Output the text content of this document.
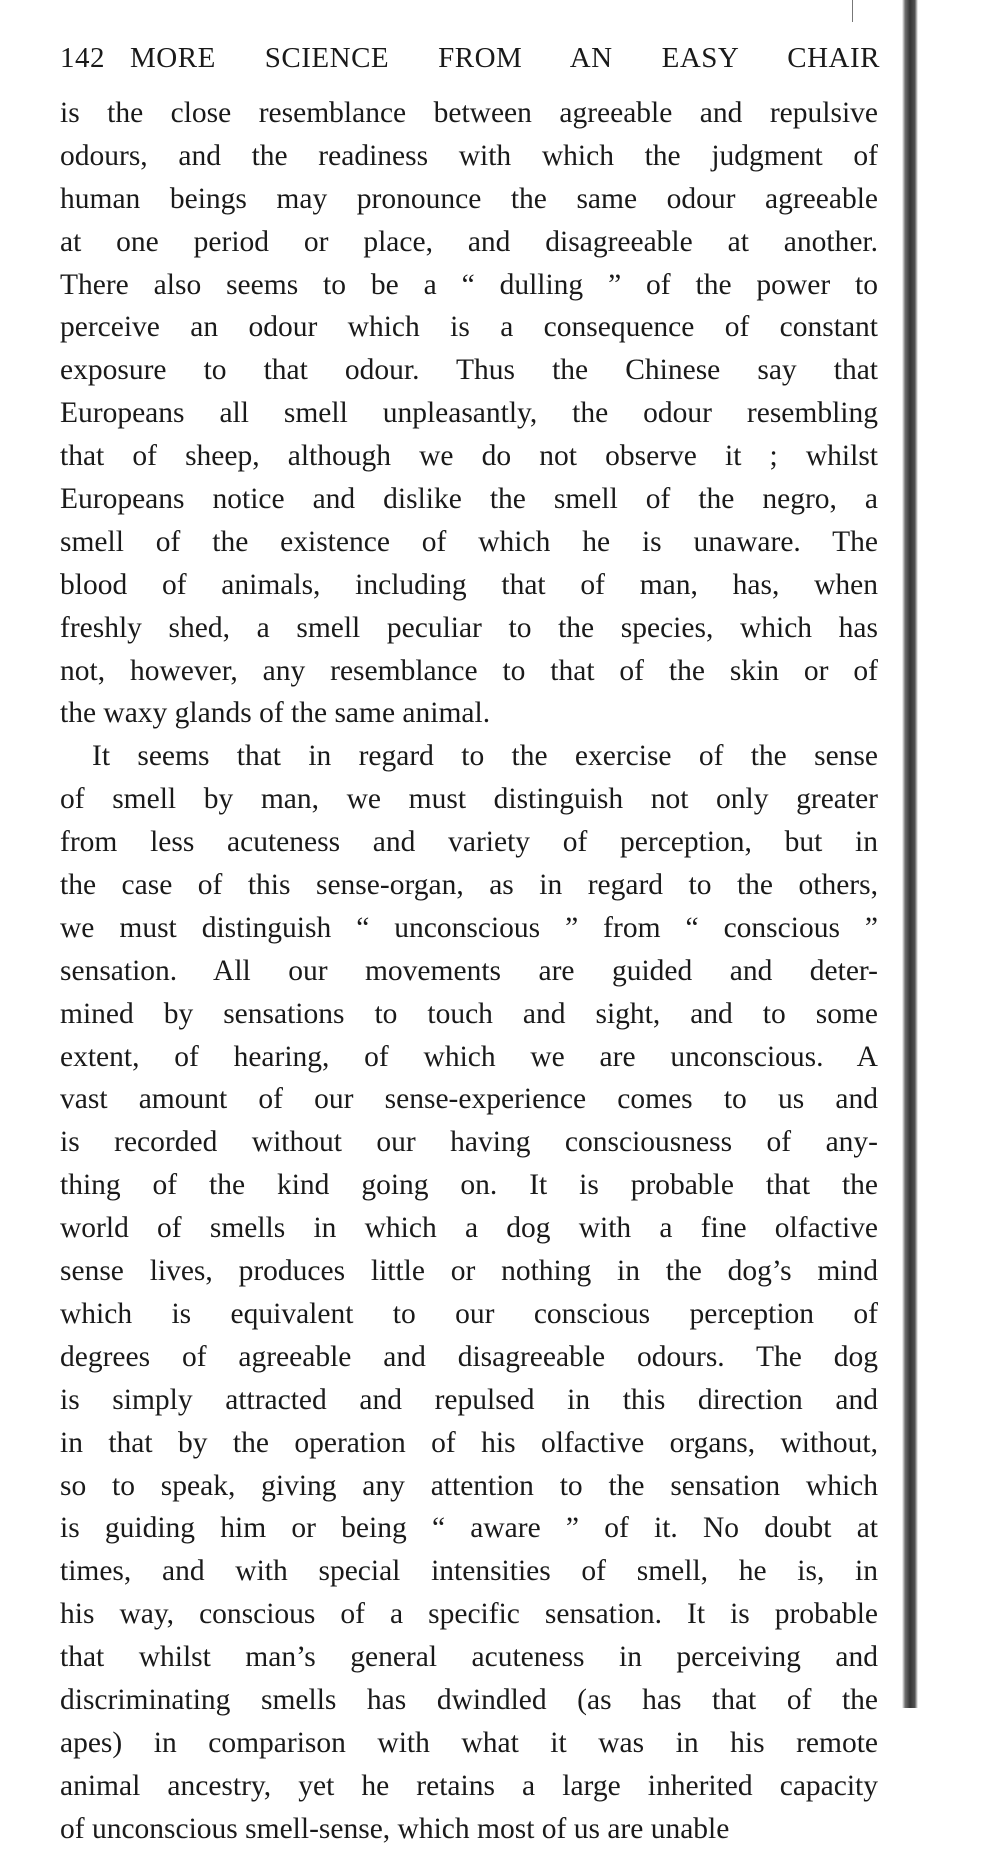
142 MORE SCIENCE FROM AN EASY CHAIR
is the close resemblance between agreeable and repulsive
odours, and the readiness with which the judgment of
human beings may pronounce the same odour agreeable
at one period or place, and disagreeable at another.
There also seems to be a “ dulling ” of the power to
perceive an odour which is a consequence of constant
exposure to that odour. Thus the Chinese say that
Europeans all smell unpleasantly, the odour resembling
that of sheep, although we do not observe it ; whilst
Europeans notice and dislike the smell of the negro, a
smell of the existence of which he is unaware. The
blood of animals, including that of man, has, when
freshly shed, a smell peculiar to the species, which has
not, however, any resemblance to that of the skin or of
the waxy glands of the same animal.
It seems that in regard to the exercise of the sense
of smell by man, we must distinguish not only greater
from less acuteness and variety of perception, but in
the case of this sense-organ, as in regard to the others,
we must distinguish “ unconscious ” from “ conscious ”
sensation. All our movements are guided and deter-
mined by sensations to touch and sight, and to some
extent, of hearing, of which we are unconscious. A
vast amount of our sense-experience comes to us and
is recorded without our having consciousness of any-
thing of the kind going on. It is probable that the
world of smells in which a dog with a fine olfactive
sense lives, produces little or nothing in the dog’s mind
which is equivalent to our conscious perception of
degrees of agreeable and disagreeable odours. The dog
is simply attracted and repulsed in this direction and
in that by the operation of his olfactive organs, without,
so to speak, giving any attention to the sensation which
is guiding him or being “ aware ” of it. No doubt at
times, and with special intensities of smell, he is, in
his way, conscious of a specific sensation. It is probable
that whilst man’s general acuteness in perceiving and
discriminating smells has dwindled (as has that of the
apes) in comparison with what it was in his remote
animal ancestry, yet he retains a large inherited capacity
of unconscious smell-sense, which most of us are unable
